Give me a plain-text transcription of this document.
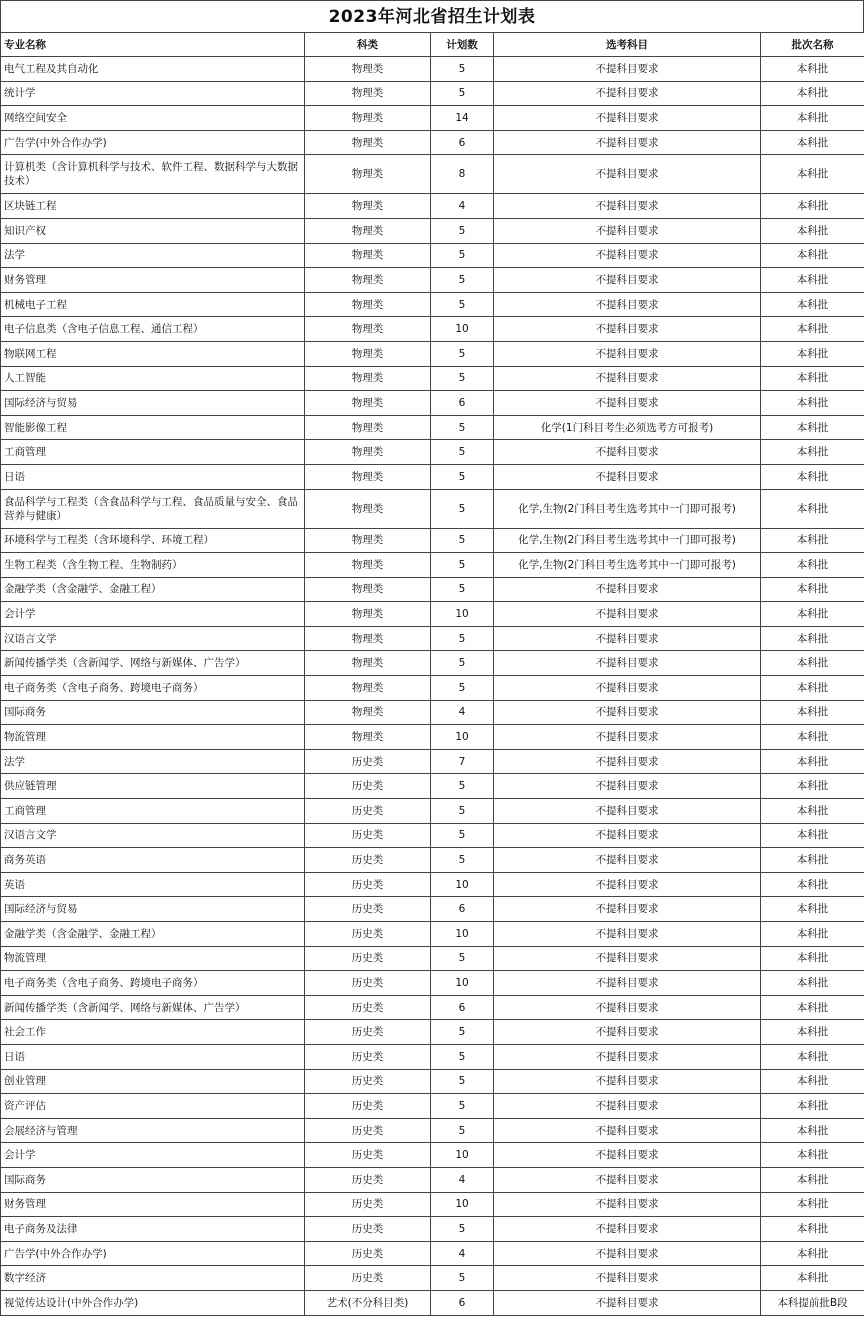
2023年河北省招生计划表
专业名称	科类	计划数	选考科目	批次名称
电气工程及其自动化	物理类	5	不提科目要求	本科批
统计学	物理类	5	不提科目要求	本科批
网络空间安全	物理类	14	不提科目要求	本科批
广告学(中外合作办学)	物理类	6	不提科目要求	本科批
计算机类（含计算机科学与技术、软件工程、数据科学与大数据技术）	物理类	8	不提科目要求	本科批
区块链工程	物理类	4	不提科目要求	本科批
知识产权	物理类	5	不提科目要求	本科批
法学	物理类	5	不提科目要求	本科批
财务管理	物理类	5	不提科目要求	本科批
机械电子工程	物理类	5	不提科目要求	本科批
电子信息类（含电子信息工程、通信工程）	物理类	10	不提科目要求	本科批
物联网工程	物理类	5	不提科目要求	本科批
人工智能	物理类	5	不提科目要求	本科批
国际经济与贸易	物理类	6	不提科目要求	本科批
智能影像工程	物理类	5	化学(1门科目考生必须选考方可报考)	本科批
工商管理	物理类	5	不提科目要求	本科批
日语	物理类	5	不提科目要求	本科批
食品科学与工程类（含食品科学与工程、食品质量与安全、食品营养与健康）	物理类	5	化学,生物(2门科目考生选考其中一门即可报考)	本科批
环境科学与工程类（含环境科学、环境工程）	物理类	5	化学,生物(2门科目考生选考其中一门即可报考)	本科批
生物工程类（含生物工程、生物制药）	物理类	5	化学,生物(2门科目考生选考其中一门即可报考)	本科批
金融学类（含金融学、金融工程）	物理类	5	不提科目要求	本科批
会计学	物理类	10	不提科目要求	本科批
汉语言文学	物理类	5	不提科目要求	本科批
新闻传播学类（含新闻学、网络与新媒体、广告学）	物理类	5	不提科目要求	本科批
电子商务类（含电子商务、跨境电子商务）	物理类	5	不提科目要求	本科批
国际商务	物理类	4	不提科目要求	本科批
物流管理	物理类	10	不提科目要求	本科批
法学	历史类	7	不提科目要求	本科批
供应链管理	历史类	5	不提科目要求	本科批
工商管理	历史类	5	不提科目要求	本科批
汉语言文学	历史类	5	不提科目要求	本科批
商务英语	历史类	5	不提科目要求	本科批
英语	历史类	10	不提科目要求	本科批
国际经济与贸易	历史类	6	不提科目要求	本科批
金融学类（含金融学、金融工程）	历史类	10	不提科目要求	本科批
物流管理	历史类	5	不提科目要求	本科批
电子商务类（含电子商务、跨境电子商务）	历史类	10	不提科目要求	本科批
新闻传播学类（含新闻学、网络与新媒体、广告学）	历史类	6	不提科目要求	本科批
社会工作	历史类	5	不提科目要求	本科批
日语	历史类	5	不提科目要求	本科批
创业管理	历史类	5	不提科目要求	本科批
资产评估	历史类	5	不提科目要求	本科批
会展经济与管理	历史类	5	不提科目要求	本科批
会计学	历史类	10	不提科目要求	本科批
国际商务	历史类	4	不提科目要求	本科批
财务管理	历史类	10	不提科目要求	本科批
电子商务及法律	历史类	5	不提科目要求	本科批
广告学(中外合作办学)	历史类	4	不提科目要求	本科批
数字经济	历史类	5	不提科目要求	本科批
视觉传达设计(中外合作办学)	艺术(不分科目类)	6	不提科目要求	本科提前批B段
